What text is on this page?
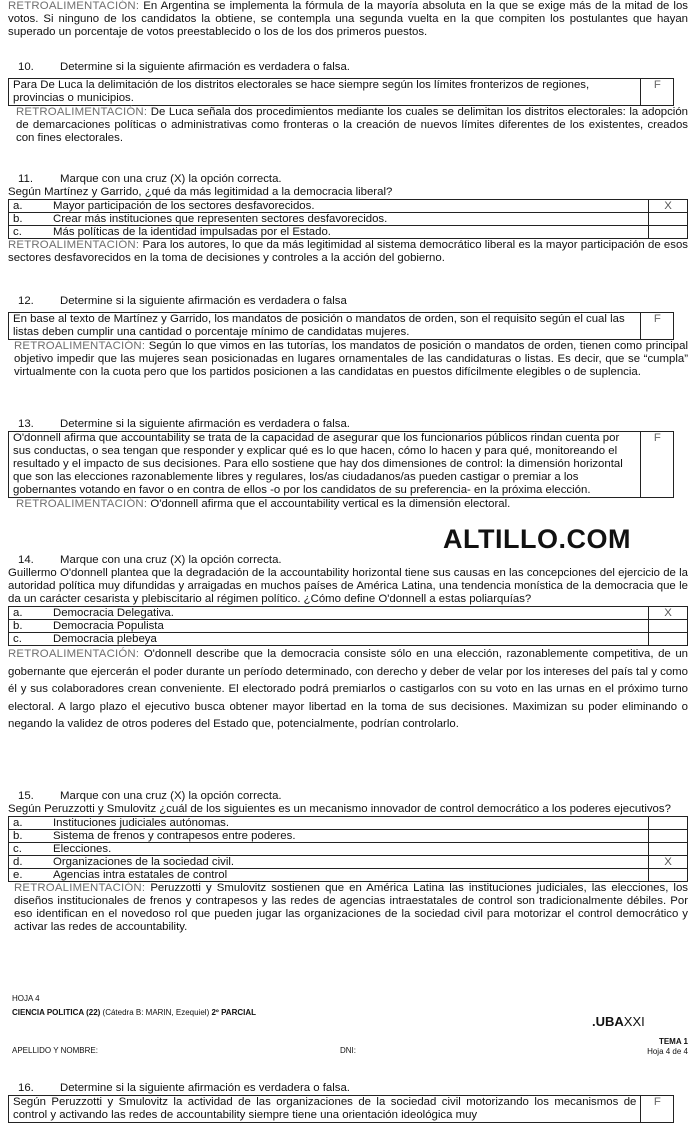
RETROALIMENTACIÓN: En Argentina se implementa la fórmula de la mayoría absoluta en la que se exige más de la mitad de los votos. Si ninguno de los candidatos la obtiene, se contempla una segunda vuelta en la que compiten los postulantes que hayan superado un porcentaje de votos preestablecido o los de los dos primeros puestos.

10. Determine si la siguiente afirmación es verdadera o falsa.

Para De Luca la delimitación de los distritos electorales se hace siempre según los límites fronterizos de regiones, provincias o municipios.	F

RETROALIMENTACIÓN: De Luca señala dos procedimientos mediante los cuales se delimitan los distritos electorales: la adopción de demarcaciones políticas o administrativas como fronteras o la creación de nuevos límites diferentes de los existentes, creados con fines electorales.

11. Marque con una cruz (X) la opción correcta.

Según Martínez y Garrido, ¿qué da más legitimidad a la democracia liberal?

a.	Mayor participación de los sectores desfavorecidos.	X
b.	Crear más instituciones que representen sectores desfavorecidos.	
c.	Más políticas de la identidad impulsadas por el Estado.	

RETROALIMENTACIÓN: Para los autores, lo que da más legitimidad al sistema democrático liberal es la mayor participación de esos sectores desfavorecidos en la toma de decisiones y controles a la acción del gobierno.

12. Determine si la siguiente afirmación es verdadera o falsa

En base al texto de Martínez y Garrido, los mandatos de posición o mandatos de orden, son el requisito según el cual las listas deben cumplir una cantidad o porcentaje mínimo de candidatas mujeres.	F

RETROALIMENTACIÓN: Según lo que vimos en las tutorías, los mandatos de posición o mandatos de orden, tienen como principal objetivo impedir que las mujeres sean posicionadas en lugares ornamentales de las candidaturas o listas. Es decir, que se “cumpla” virtualmente con la cuota pero que los partidos posicionen a las candidatas en puestos difícilmente elegibles o de suplencia.

13. Determine si la siguiente afirmación es verdadera o falsa.

O'donnell afirma que accountability se trata de la capacidad de asegurar que los funcionarios públicos rindan cuenta por sus conductas, o sea tengan que responder y explicar qué es lo que hacen, cómo lo hacen y para qué, monitoreando el resultado y el impacto de sus decisiones. Para ello sostiene que hay dos dimensiones de control: la dimensión horizontal que son las elecciones razonablemente libres y regulares, los/as ciudadanos/as pueden castigar o premiar a los gobernantes votando en favor o en contra de ellos -o por los candidatos de su preferencia- en la próxima elección.	F

RETROALIMENTACIÓN: O'donnell afirma que el accountability vertical es la dimensión electoral.

ALTILLO.COM

14. Marque con una cruz (X) la opción correcta.

Guillermo O'donnell plantea que la degradación de la accountability horizontal tiene sus causas en las concepciones del ejercicio de la autoridad política muy difundidas y arraigadas en muchos países de América Latina, una tendencia monística de la democracia que le da un carácter cesarista y plebiscitario al régimen político. ¿Cómo define O'donnell a estas poliarquías?

a.	Democracia Delegativa.	X
b.	Democracia Populista	
c.	Democracia plebeya	

RETROALIMENTACIÓN: O'donnell describe que la democracia consiste sólo en una elección, razonablemente competitiva, de un gobernante que ejercerán el poder durante un período determinado, con derecho y deber de velar por los intereses del país tal y como él y sus colaboradores crean conveniente. El electorado podrá premiarlos o castigarlos con su voto en las urnas en el próximo turno electoral. A largo plazo el ejecutivo busca obtener mayor libertad en la toma de sus decisiones. Maximizan su poder eliminando o negando la validez de otros poderes del Estado que, potencialmente, podrían controlarlo.

15. Marque con una cruz (X) la opción correcta.

Según Peruzzotti y Smulovitz ¿cuál de los siguientes es un mecanismo innovador de control democrático a los poderes ejecutivos?

a.	Instituciones judiciales autónomas.	
b.	Sistema de frenos y contrapesos entre poderes.	
c.	Elecciones.	
d.	Organizaciones de la sociedad civil.	X
e.	Agencias intra estatales de control	

RETROALIMENTACIÓN: Peruzzotti y Smulovitz sostienen que en América Latina las instituciones judiciales, las elecciones, los diseños institucionales de frenos y contrapesos y las redes de agencias intraestatales de control son tradicionalmente débiles. Por eso identifican en el novedoso rol que pueden jugar las organizaciones de la sociedad civil para motorizar el control democrático y activar las redes de accountability.

HOJA 4
CIENCIA POLITICA (22) (Cátedra B: MARIN, Ezequiel) 2º PARCIAL
.UBAXXI
APELLIDO Y NOMBRE:	DNI:
TEMA 1
Hoja 4 de 4

16. Determine si la siguiente afirmación es verdadera o falsa.

Según Peruzzotti y Smulovitz la actividad de las organizaciones de la sociedad civil motorizando los mecanismos de control y activando las redes de accountability siempre tiene una orientación ideológica muy	F
